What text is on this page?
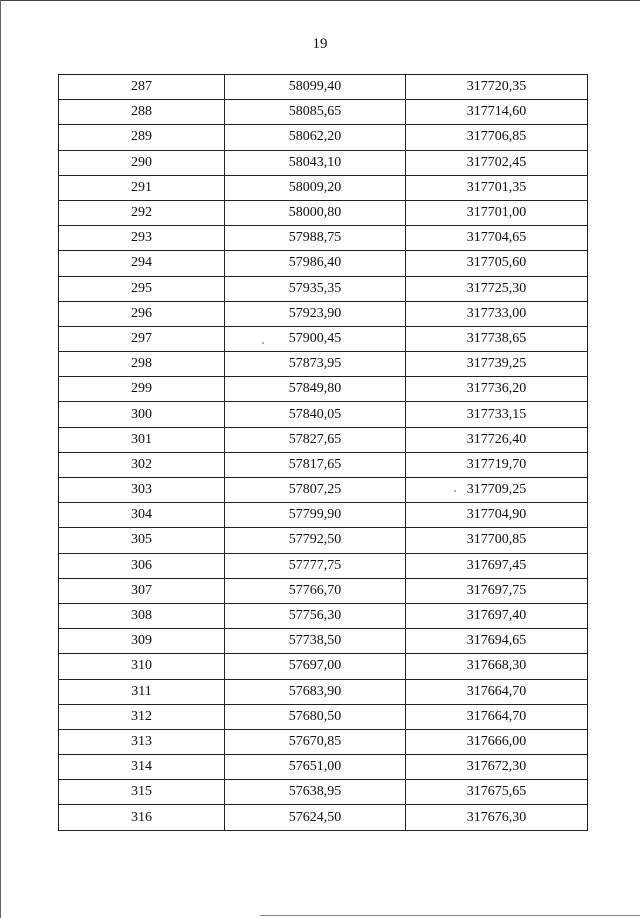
19
287	58099,40	317720,35
288	58085,65	317714,60
289	58062,20	317706,85
290	58043,10	317702,45
291	58009,20	317701,35
292	58000,80	317701,00
293	57988,75	317704,65
294	57986,40	317705,60
295	57935,35	317725,30
296	57923,90	317733,00
297	57900,45	317738,65
298	57873,95	317739,25
299	57849,80	317736,20
300	57840,05	317733,15
301	57827,65	317726,40
302	57817,65	317719,70
303	57807,25	317709,25
304	57799,90	317704,90
305	57792,50	317700,85
306	57777,75	317697,45
307	57766,70	317697,75
308	57756,30	317697,40
309	57738,50	317694,65
310	57697,00	317668,30
311	57683,90	317664,70
312	57680,50	317664,70
313	57670,85	317666,00
314	57651,00	317672,30
315	57638,95	317675,65
316	57624,50	317676,30
